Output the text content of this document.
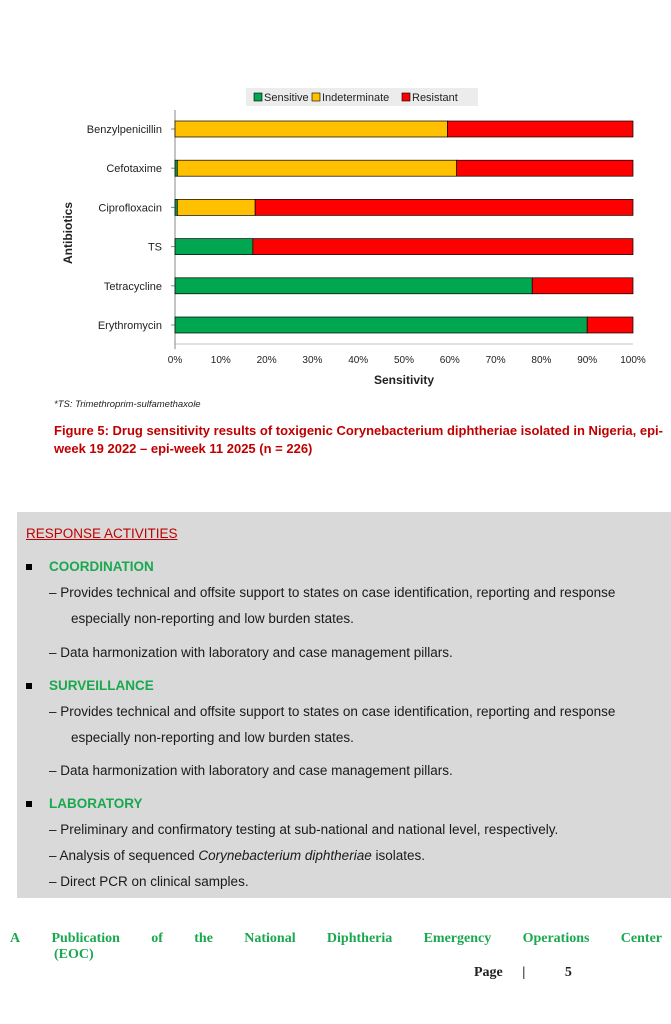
Sensitive Indeterminate Resistant
Benzylpenicillin
Cefotaxime
Ciprofloxacin
TS
Tetracycline
Erythromycin
0%	10%	20%	30%	40%	50%	60%	70%	80%	90% 100%
Sensitivity
Antibiotics
*TS: Trimethroprim-sulfamethaxole
Figure 5: Drug sensitivity results of toxigenic Corynebacterium diphtheriae isolated in Nigeria, epi-week 19 2022 – epi-week 11 2025 (n = 226)
RESPONSE ACTIVITIES
COORDINATION
– Provides technical and offsite support to states on case identification, reporting and response
especially non-reporting and low burden states.
– Data harmonization with laboratory and case management pillars.
SURVEILLANCE
– Provides technical and offsite support to states on case identification, reporting and response
especially non-reporting and low burden states.
– Data harmonization with laboratory and case management pillars.
LABORATORY
– Preliminary and confirmatory testing at sub-national and national level, respectively.
– Analysis of sequenced Corynebacterium diphtheriae isolates.
– Direct PCR on clinical samples.
A Publication of the National Diphtheria Emergency Operations Center
(EOC)
Page |	5
